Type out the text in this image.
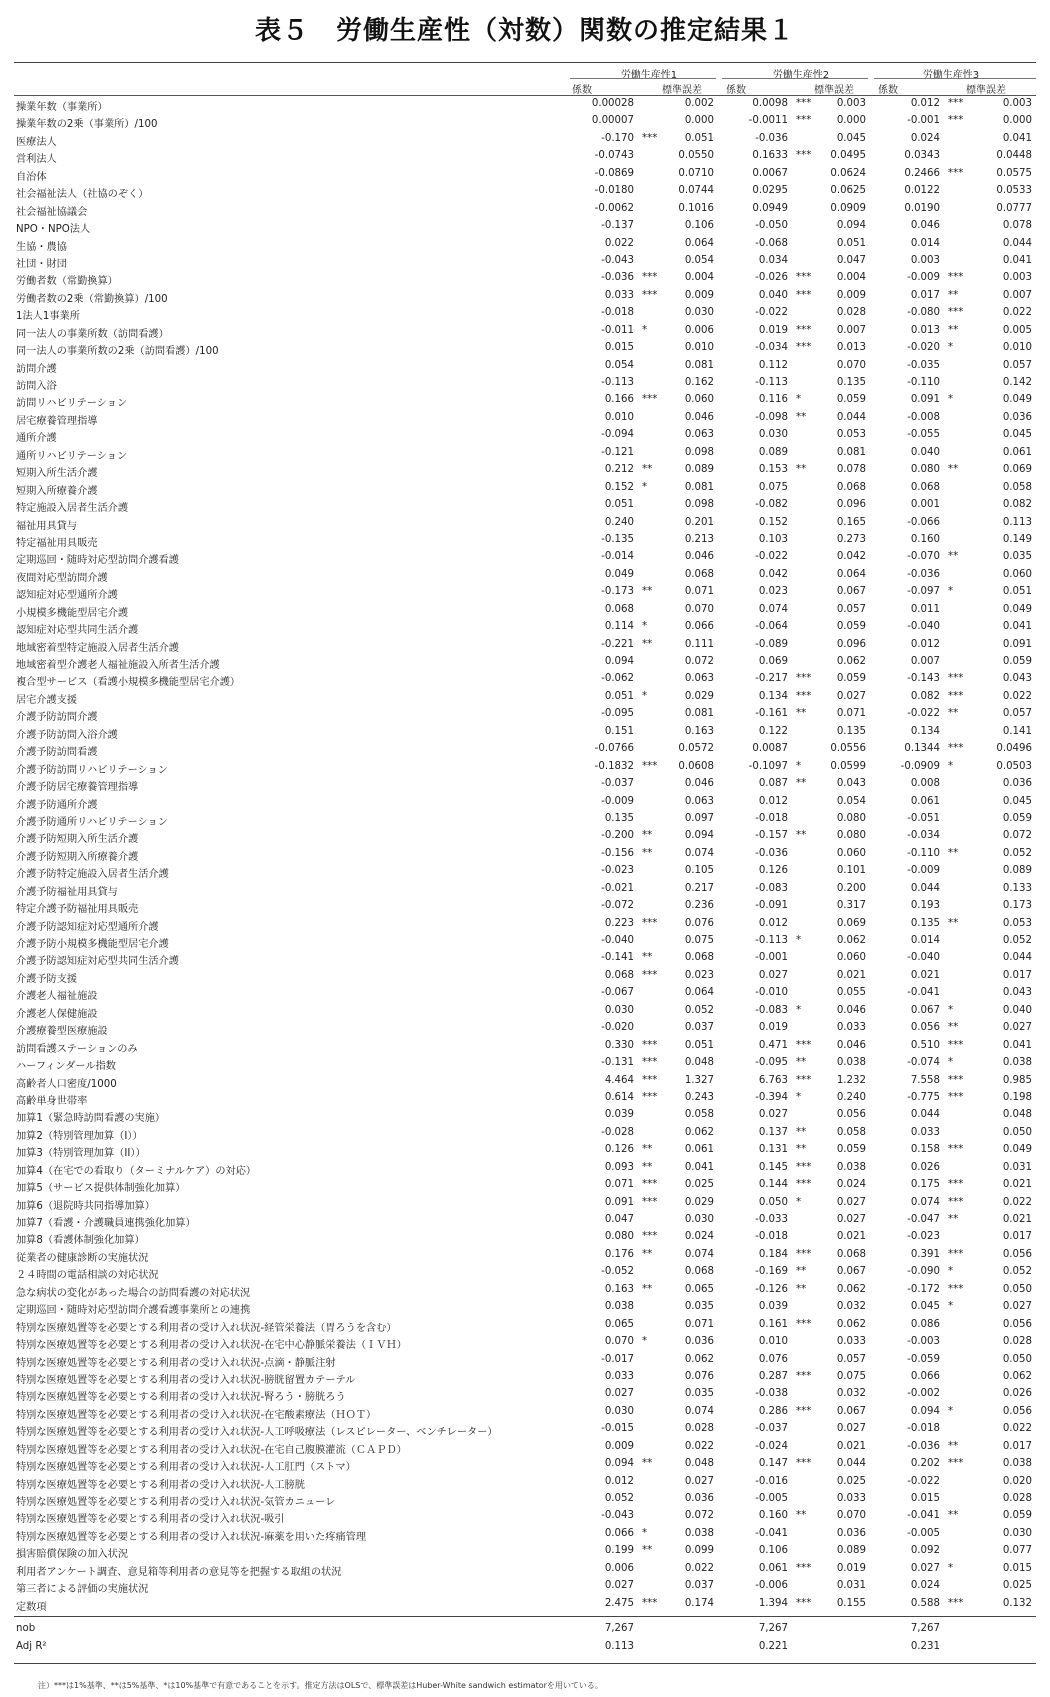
表５　労働生産性（対数）関数の推定結果１
労働生産性1	労働生産性2	労働生産性3
係数	標準誤差 係数	標準誤差 係数	標準誤差
操業年数（事業所）	0.00028	0.002	0.0098 ***	0.003	0.012 ***	0.003
操業年数の2乗（事業所）/100	0.00007	0.000	-0.0011 ***	0.000	-0.001 ***	0.000
医療法人	-0.170 ***	0.051	-0.036	0.045	0.024	0.041
営利法人	-0.0743	0.0550	0.1633 *** 0.0495	0.0343	0.0448
自治体	-0.0869	0.0710	0.0067	0.0624	0.2466 ***	0.0575
社会福祉法人（社協のぞく）	-0.0180	0.0744	0.0295	0.0625	0.0122	0.0533
社会福祉協議会	-0.0062	0.1016	0.0949	0.0909	0.0190	0.0777
NPO・NPO法人	-0.137	0.106	-0.050	0.094	0.046	0.078
生協・農協	0.022	0.064	-0.068	0.051	0.014	0.044
社団・財団	-0.043	0.054	0.034	0.047	0.003	0.041
労働者数（常勤換算）	-0.036 ***	0.004	-0.026 ***	0.004	-0.009 ***	0.003
労働者数の2乗（常勤換算）/100	0.033 ***	0.009	0.040 ***	0.009	0.017 **	0.007
1法人1事業所	-0.018	0.030	-0.022	0.028	-0.080 ***	0.022
同一法人の事業所数（訪問看護）	-0.011 *	0.006	0.019 ***	0.007	0.013 **	0.005
同一法人の事業所数の2乗（訪問看護）/100	0.015	0.010	-0.034 ***	0.013	-0.020 *	0.010
訪問介護	0.054	0.081	0.112	0.070	-0.035	0.057
訪問入浴	-0.113	0.162	-0.113	0.135	-0.110	0.142
訪問リハビリテーション	0.166 ***	0.060	0.116 *	0.059	0.091 *	0.049
居宅療養管理指導	0.010	0.046	-0.098 **	0.044	-0.008	0.036
通所介護	-0.094	0.063	0.030	0.053	-0.055	0.045
通所リハビリテーション	-0.121	0.098	0.089	0.081	0.040	0.061
短期入所生活介護	0.212 **	0.089	0.153 **	0.078	0.080 **	0.069
短期入所療養介護	0.152 *	0.081	0.075	0.068	0.068	0.058
特定施設入居者生活介護	0.051	0.098	-0.082	0.096	0.001	0.082
福祉用具貸与	0.240	0.201	0.152	0.165	-0.066	0.113
特定福祉用具販売	-0.135	0.213	0.103	0.273	0.160	0.149
定期巡回・随時対応型訪問介護看護	-0.014	0.046	-0.022	0.042	-0.070 **	0.035
夜間対応型訪問介護	0.049	0.068	0.042	0.064	-0.036	0.060
認知症対応型通所介護	-0.173 **	0.071	0.023	0.067	-0.097 *	0.051
小規模多機能型居宅介護	0.068	0.070	0.074	0.057	0.011	0.049
認知症対応型共同生活介護	0.114 *	0.066	-0.064	0.059	-0.040	0.041
地域密着型特定施設入居者生活介護	-0.221 **	0.111	-0.089	0.096	0.012	0.091
地域密着型介護老人福祉施設入所者生活介護	0.094	0.072	0.069	0.062	0.007	0.059
複合型サービス（看護小規模多機能型居宅介護）	-0.062	0.063	-0.217 ***	0.059	-0.143 ***	0.043
居宅介護支援	0.051 *	0.029	0.134 ***	0.027	0.082 ***	0.022
介護予防訪問介護	-0.095	0.081	-0.161 **	0.071	-0.022 **	0.057
介護予防訪問入浴介護	0.151	0.163	0.122	0.135	0.134	0.141
介護予防訪問看護	-0.0766	0.0572	0.0087	0.0556	0.1344 ***	0.0496
介護予防訪問リハビリテーション	-0.1832 *** 0.0608	-0.1097 *	0.0599	-0.0909 *	0.0503
介護予防居宅療養管理指導	-0.037	0.046	0.087 **	0.043	0.008	0.036
介護予防通所介護	-0.009	0.063	0.012	0.054	0.061	0.045
介護予防通所リハビリテーション	0.135	0.097	-0.018	0.080	-0.051	0.059
介護予防短期入所生活介護	-0.200 **	0.094	-0.157 **	0.080	-0.034	0.072
介護予防短期入所療養介護	-0.156 **	0.074	-0.036	0.060	-0.110 **	0.052
介護予防特定施設入居者生活介護	-0.023	0.105	0.126	0.101	-0.009	0.089
介護予防福祉用具貸与	-0.021	0.217	-0.083	0.200	0.044	0.133
特定介護予防福祉用具販売	-0.072	0.236	-0.091	0.317	0.193	0.173
介護予防認知症対応型通所介護	0.223 ***	0.076	0.012	0.069	0.135 **	0.053
介護予防小規模多機能型居宅介護	-0.040	0.075	-0.113 *	0.062	0.014	0.052
介護予防認知症対応型共同生活介護	-0.141 **	0.068	-0.001	0.060	-0.040	0.044
介護予防支援	0.068 ***	0.023	0.027	0.021	0.021	0.017
介護老人福祉施設	-0.067	0.064	-0.010	0.055	-0.041	0.043
介護老人保健施設	0.030	0.052	-0.083 *	0.046	0.067 *	0.040
介護療養型医療施設	-0.020	0.037	0.019	0.033	0.056 **	0.027
訪問看護ステーションのみ	0.330 ***	0.051	0.471 ***	0.046	0.510 ***	0.041
ハーフィンダール指数	-0.131 ***	0.048	-0.095 **	0.038	-0.074 *	0.038
高齢者人口密度/1000	4.464 ***	1.327	6.763 ***	1.232	7.558 ***	0.985
高齢単身世帯率	0.614 ***	0.243	-0.394 *	0.240	-0.775 ***	0.198
加算1（緊急時訪問看護の実施）	0.039	0.058	0.027	0.056	0.044	0.048
加算2（特別管理加算（I））	-0.028	0.062	0.137 **	0.058	0.033	0.050
加算3（特別管理加算（II））	0.126 **	0.061	0.131 **	0.059	0.158 ***	0.049
加算4（在宅での看取り（ターミナルケア）の対応）	0.093 **	0.041	0.145 ***	0.038	0.026	0.031
加算5（サービス提供体制強化加算）	0.071 ***	0.025	0.144 ***	0.024	0.175 ***	0.021
加算6（退院時共同指導加算）	0.091 ***	0.029	0.050 *	0.027	0.074 ***	0.022
加算7（看護・介護職員連携強化加算）	0.047	0.030	-0.033	0.027	-0.047 **	0.021
加算8（看護体制強化加算）	0.080 ***	0.024	-0.018	0.021	-0.023	0.017
従業者の健康診断の実施状況	0.176 **	0.074	0.184 ***	0.068	0.391 ***	0.056
２４時間の電話相談の対応状況	-0.052	0.068	-0.169 **	0.067	-0.090 *	0.052
急な病状の変化があった場合の訪問看護の対応状況	0.163 **	0.065	-0.126 **	0.062	-0.172 ***	0.050
定期巡回・随時対応型訪問介護看護事業所との連携	0.038	0.035	0.039	0.032	0.045 *	0.027
特別な医療処置等を必要とする利用者の受け入れ状況-経管栄養法（胃ろうを含む）	0.065	0.071	0.161 ***	0.062	0.086	0.056
特別な医療処置等を必要とする利用者の受け入れ状況-在宅中心静脈栄養法（ＩＶＨ）	0.070 *	0.036	0.010	0.033	-0.003	0.028
特別な医療処置等を必要とする利用者の受け入れ状況-点滴・静脈注射	-0.017	0.062	0.076	0.057	-0.059	0.050
特別な医療処置等を必要とする利用者の受け入れ状況-膀胱留置カテーテル	0.033	0.076	0.287 ***	0.075	0.066	0.062
特別な医療処置等を必要とする利用者の受け入れ状況-腎ろう・膀胱ろう	0.027	0.035	-0.038	0.032	-0.002	0.026
特別な医療処置等を必要とする利用者の受け入れ状況-在宅酸素療法（ＨＯＴ）	0.030	0.074	0.286 ***	0.067	0.094 *	0.056
特別な医療処置等を必要とする利用者の受け入れ状況-人工呼吸療法（レスピレーター、ベンチレーター）	-0.015	0.028	-0.037	0.027	-0.018	0.022
特別な医療処置等を必要とする利用者の受け入れ状況-在宅自己腹膜灌流（ＣＡＰＤ）	0.009	0.022	-0.024	0.021	-0.036 **	0.017
特別な医療処置等を必要とする利用者の受け入れ状況-人工肛門（ストマ）	0.094 **	0.048	0.147 ***	0.044	0.202 ***	0.038
特別な医療処置等を必要とする利用者の受け入れ状況-人工膀胱	0.012	0.027	-0.016	0.025	-0.022	0.020
特別な医療処置等を必要とする利用者の受け入れ状況-気管カニューレ	0.052	0.036	-0.005	0.033	0.015	0.028
特別な医療処置等を必要とする利用者の受け入れ状況-吸引	-0.043	0.072	0.160 **	0.070	-0.041 **	0.059
特別な医療処置等を必要とする利用者の受け入れ状況-麻薬を用いた疼痛管理	0.066 *	0.038	-0.041	0.036	-0.005	0.030
損害賠償保険の加入状況	0.199 **	0.099	0.106	0.089	0.092	0.077
利用者アンケート調査、意見箱等利用者の意見等を把握する取組の状況	0.006	0.022	0.061 ***	0.019	0.027 *	0.015
第三者による評価の実施状況	0.027	0.037	-0.006	0.031	0.024	0.025
定数項	2.475 ***	0.174	1.394 ***	0.155	0.588 ***	0.132
nob	7,267	7,267	7,267
Adj R²	0.113	0.221	0.231
注）***は1%基準、**は5%基準、*は10%基準で有意であることを示す。推定方法はOLSで、標準誤差はHuber-White sandwich estimatorを用いている。
